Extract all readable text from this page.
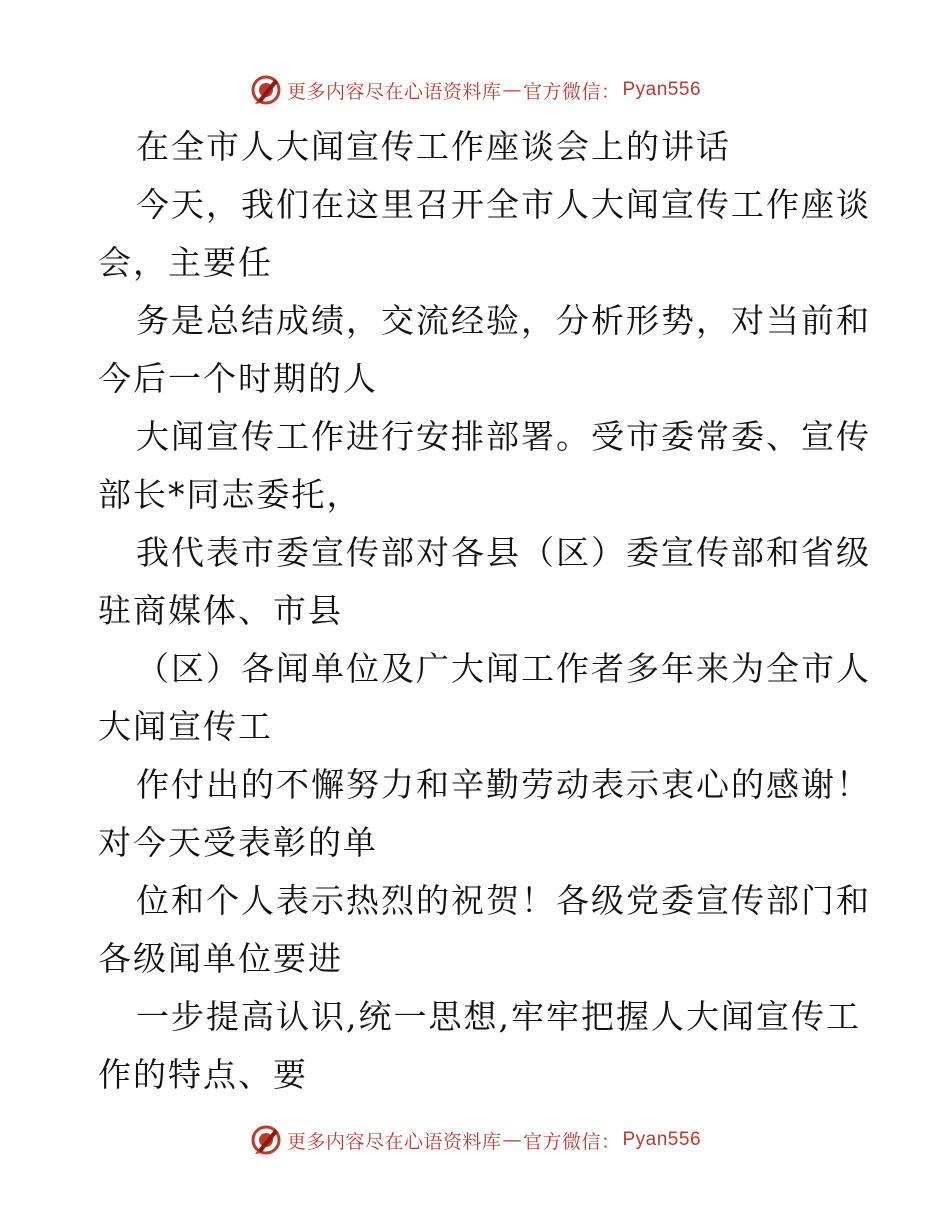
更多内容尽在心语资料库 — 官方微信： Pyan556
在全市人大闻宣传工作座谈会上的讲话
今天，我们在这里召开全市人大闻宣传工作座谈
会，主要任
务是总结成绩，交流经验，分析形势，对当前和
今后一个时期的人
大闻宣传工作进行安排部署。受市委常委、宣传
部长*同志委托，
我代表市委宣传部对各县（区）委宣传部和省级
驻商媒体、市县
（区）各闻单位及广大闻工作者多年来为全市人
大闻宣传工
作付出的不懈努力和辛勤劳动表示衷心的感谢！
对今天受表彰的单
位和个人表示热烈的祝贺！各级党委宣传部门和
各级闻单位要进
一步提高认识,统一思想,牢牢把握人大闻宣传工
作的特点、要
更多内容尽在心语资料库 — 官方微信： Pyan556
